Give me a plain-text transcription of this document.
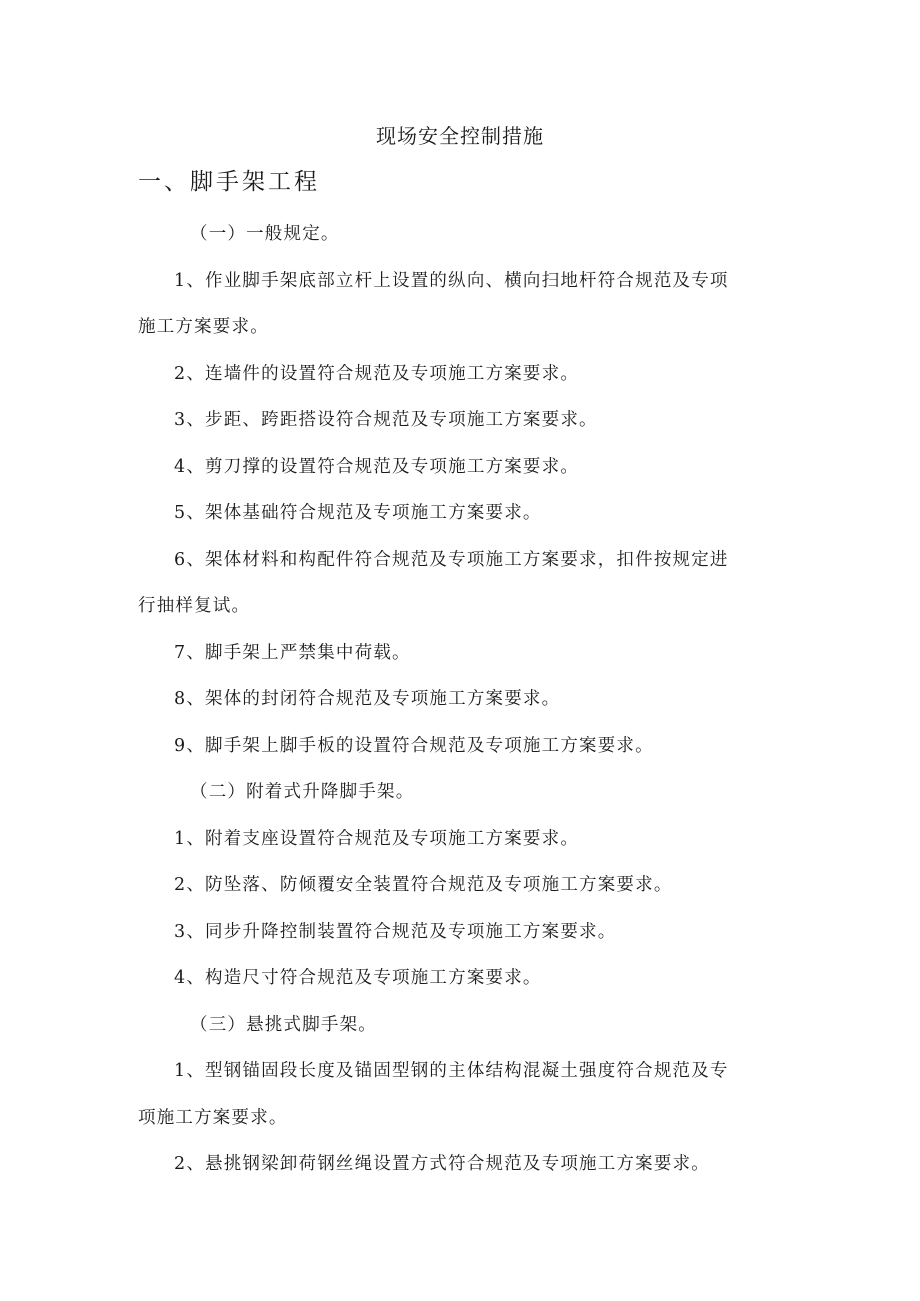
现场安全控制措施
一、脚手架工程

（一）一般规定。

1、作业脚手架底部立杆上设置的纵向、横向扫地杆符合规范及专项

施工方案要求。

2、连墙件的设置符合规范及专项施工方案要求。

3、步距、跨距搭设符合规范及专项施工方案要求。

4、剪刀撑的设置符合规范及专项施工方案要求。

5、架体基础符合规范及专项施工方案要求。

6、架体材料和构配件符合规范及专项施工方案要求，扣件按规定进

行抽样复试。

7、脚手架上严禁集中荷载。

8、架体的封闭符合规范及专项施工方案要求。

9、脚手架上脚手板的设置符合规范及专项施工方案要求。

（二）附着式升降脚手架。

1、附着支座设置符合规范及专项施工方案要求。

2、防坠落、防倾覆安全装置符合规范及专项施工方案要求。

3、同步升降控制装置符合规范及专项施工方案要求。

4、构造尺寸符合规范及专项施工方案要求。

（三）悬挑式脚手架。

1、型钢锚固段长度及锚固型钢的主体结构混凝土强度符合规范及专

项施工方案要求。

2、悬挑钢梁卸荷钢丝绳设置方式符合规范及专项施工方案要求。
